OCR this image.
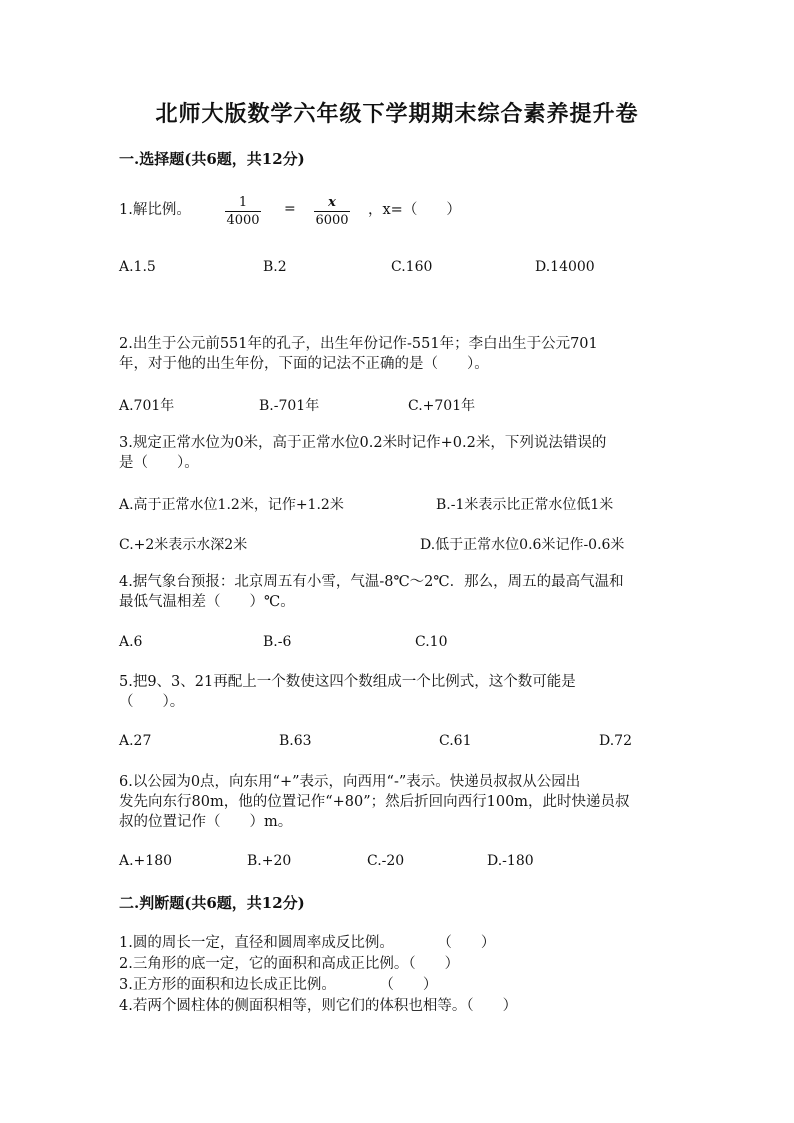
北师大版数学六年级下学期期末综合素养提升卷
一.选择题(共6题，共12分)
1.解比例。	$\frac{1}{4000} = \frac{x}{6000}$ ，x=（　　）
A.1.5	B.2	C.160	D.14000
2.出生于公元前551年的孔子，出生年份记作-551年；李白出生于公元701
年，对于他的出生年份，下面的记法不正确的是（　　）。
A.701年	B.-701年	C.+701年
3.规定正常水位为0米，高于正常水位0.2米时记作+0.2米，下列说法错误的
是（　　）。
A.高于正常水位1.2米，记作+1.2米	B.-1米表示比正常水位低1米
C.+2米表示水深2米	D.低于正常水位0.6米记作-0.6米
4.据气象台预报：北京周五有小雪，气温-8℃～2℃．那么，周五的最高气温和
最低气温相差（　　）℃。
A.6	B.-6	C.10
5.把9、3、21再配上一个数使这四个数组成一个比例式，这个数可能是
（　　）。
A.27	B.63	C.61	D.72
6.以公园为0点，向东用“+”表示，向西用“-”表示。快递员叔叔从公园出
发先向东行80m，他的位置记作“+80”；然后折回向西行100m，此时快递员叔
叔的位置记作（　　）m。
A.+180	B.+20	C.-20	D.-180
二.判断题(共6题，共12分)
1.圆的周长一定，直径和圆周率成反比例。　　　　（　　）
2.三角形的底一定，它的面积和高成正比例。（　　）
3.正方形的面积和边长成正比例。　　　　（　　）
4.若两个圆柱体的侧面积相等，则它们的体积也相等。（　　）
